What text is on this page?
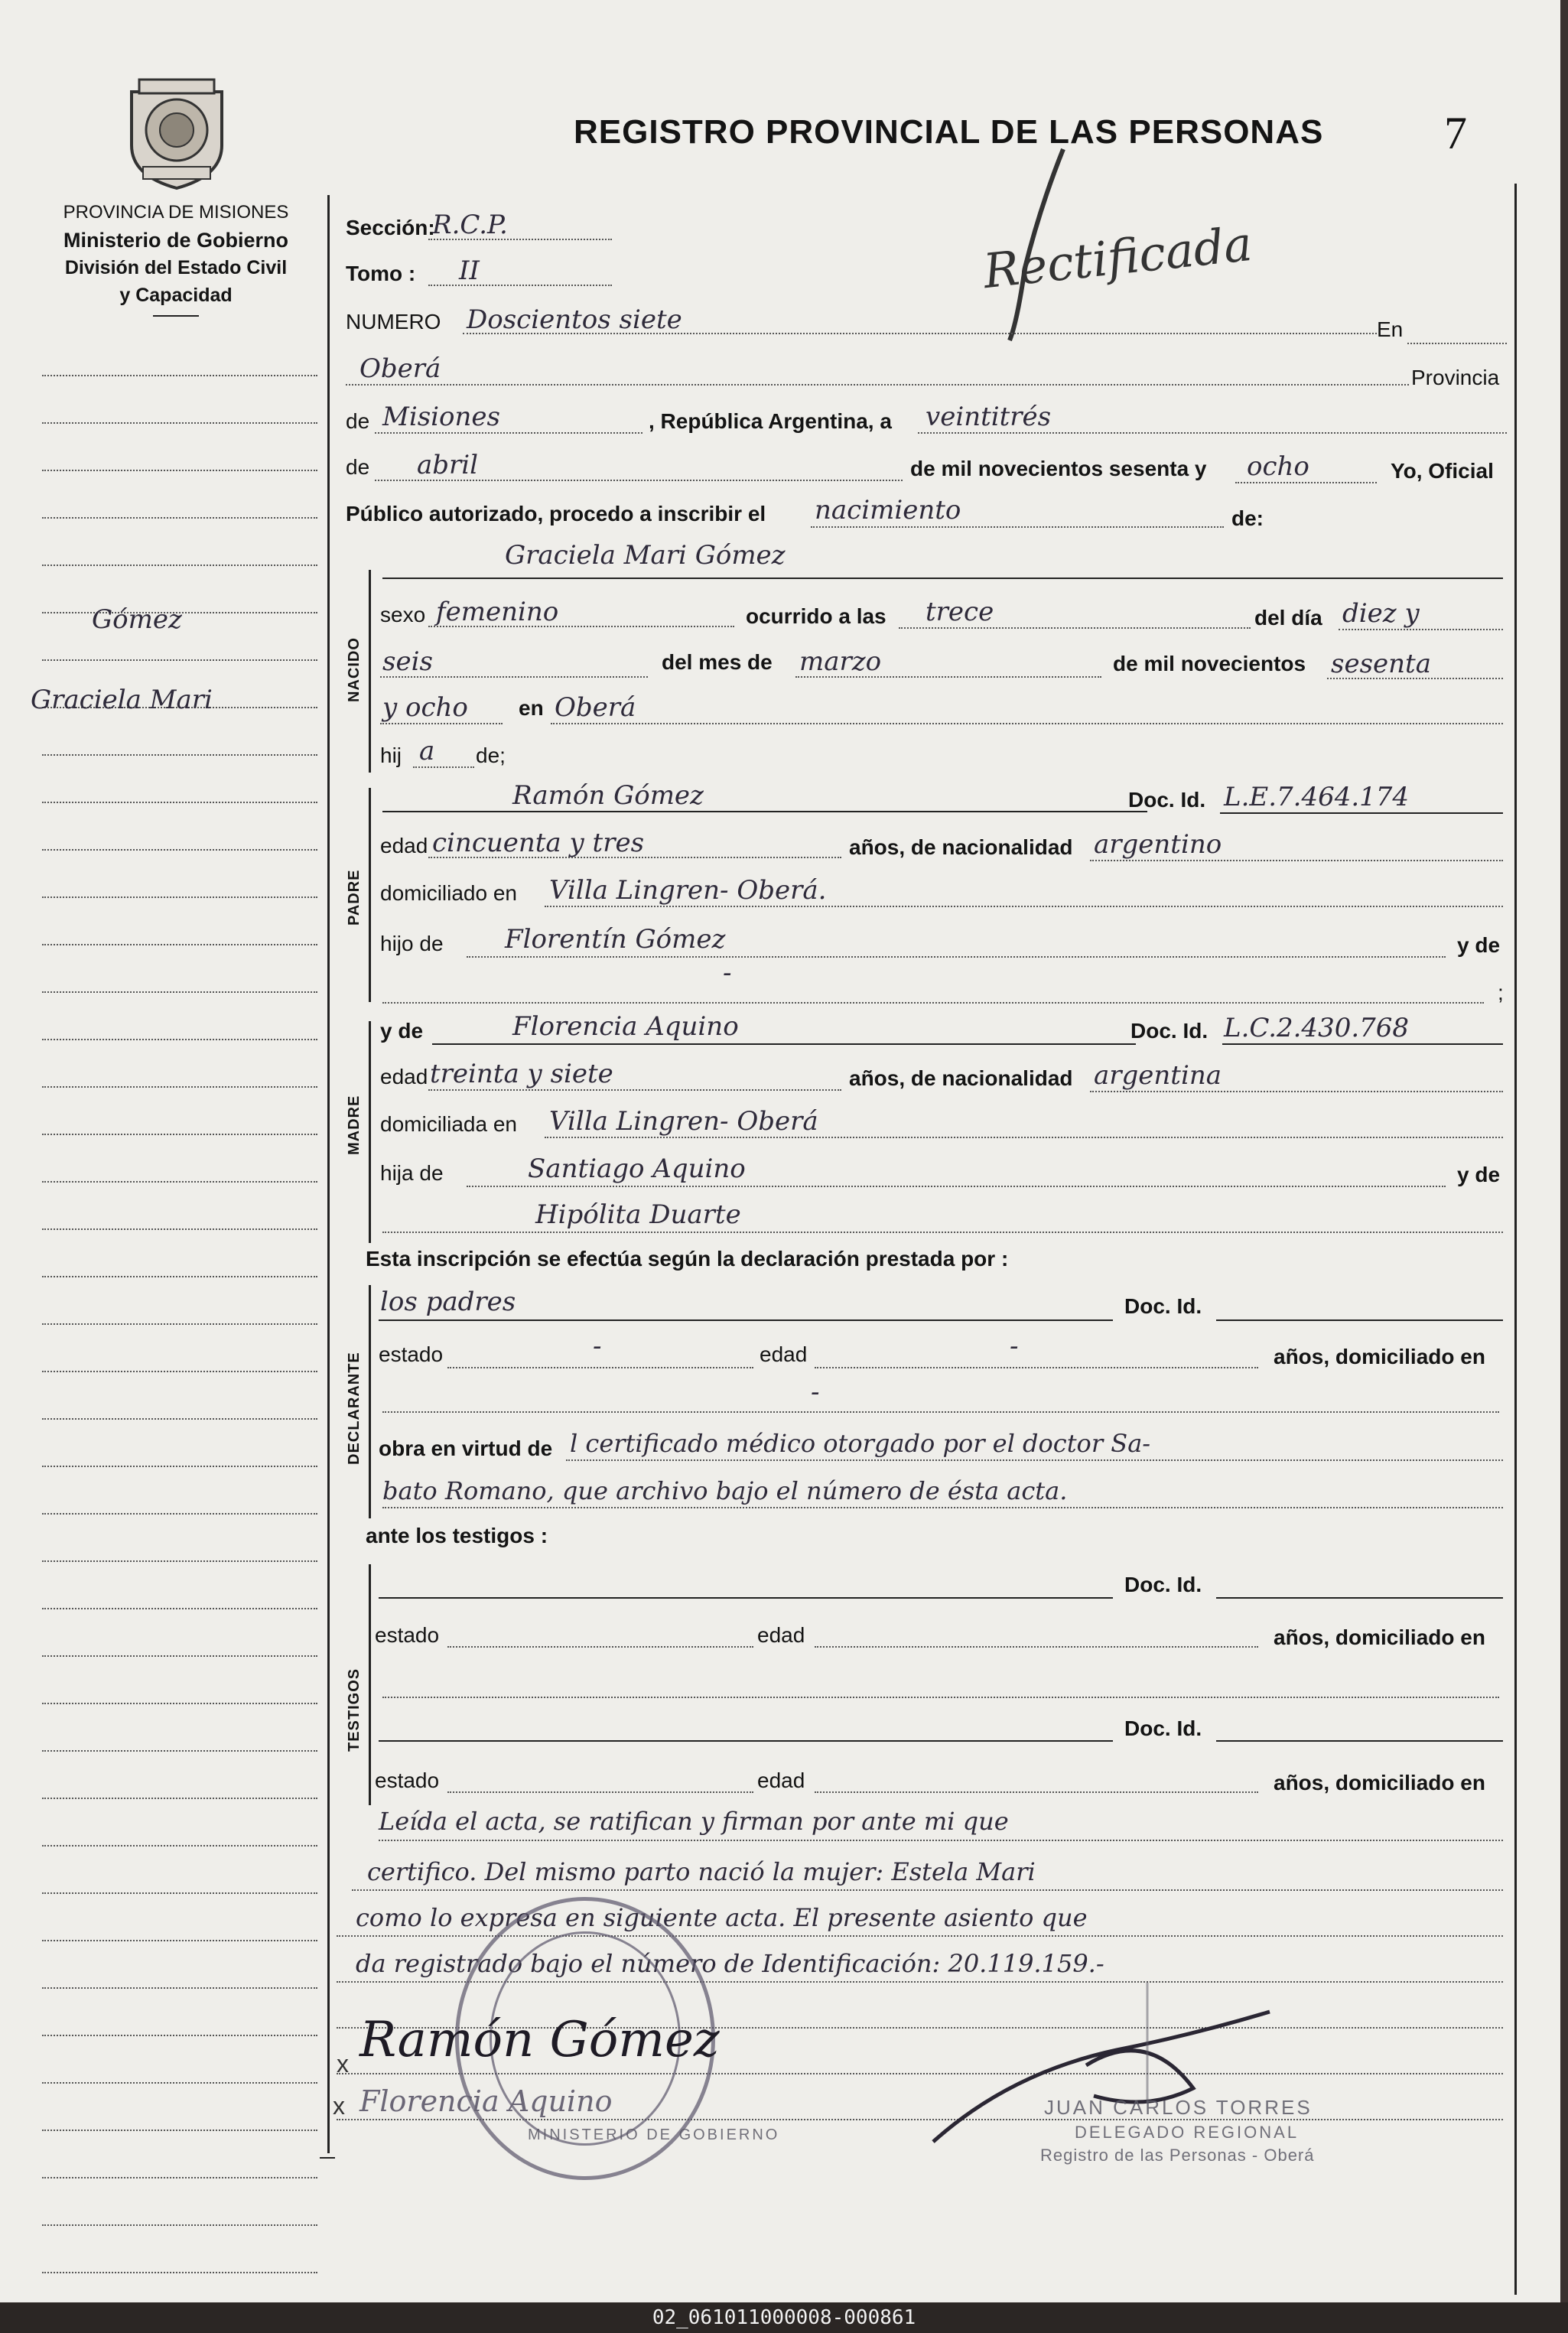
REGISTRO PROVINCIAL DE LAS PERSONAS	7
Rectificada
PROVINCIA DE MISIONES
Ministerio de Gobierno
División del Estado Civil
y Capacidad
Gómez
Graciela Mari
Sección:
R.C.P.
Tomo : II
NUMERO Doscientos siete	En
Oberá	Provincia
de Misiones	, República Argentina, a veintitrés
de abril	de mil novecientos sesenta y ocho	Yo, Oficial
Público autorizado, procedo a inscribir el nacimiento	de:
NACIDO
Graciela Mari Gómez
sexo femenino	ocurrido a las trece	del día diez y
seis	del mes de marzo	de mil novecientos sesenta
y ocho en Oberá
hij a de;
PADRE
Ramón Gómez	Doc. Id. L.E.7.464.174
edad cincuenta y tres	años, de nacionalidad argentino
domiciliado en Villa Lingren- Oberá.
hijo de Florentín Gómez	y de
-
;
MADRE
y de	Florencia Aquino	Doc. Id. L.C.2.430.768
edad treinta y siete	años, de nacionalidad argentina
domiciliada en Villa Lingren- Oberá
hija de	Santiago Aquino	y de
Hipólita Duarte
Esta inscripción se efectúa según la declaración prestada por :
DECLARANTE
los padres	Doc. Id.
estado	-	edad	-	años, domiciliado en
-
obra en virtud de l certificado médico otorgado por el doctor Sa-
bato Romano, que archivo bajo el número de ésta acta.
ante los testigos :
TESTIGOS
Doc. Id.
estado	edad	años, domiciliado en
Doc. Id.
estado	edad	años, domiciliado en
Leída el acta, se ratifican y firman por ante mi que
certifico. Del mismo parto nació la mujer: Estela Mari
como lo expresa en siguiente acta. El presente asiento que
da registrado bajo el número de Identificación: 20.119.159.-
MINISTERIO DE GOBIERNO
x Ramón Gómez
x Florencia Aquino	JUAN CARLOS TORRES
DELEGADO REGIONAL
Registro de las Personas - Oberá
02_061011000008-000861
